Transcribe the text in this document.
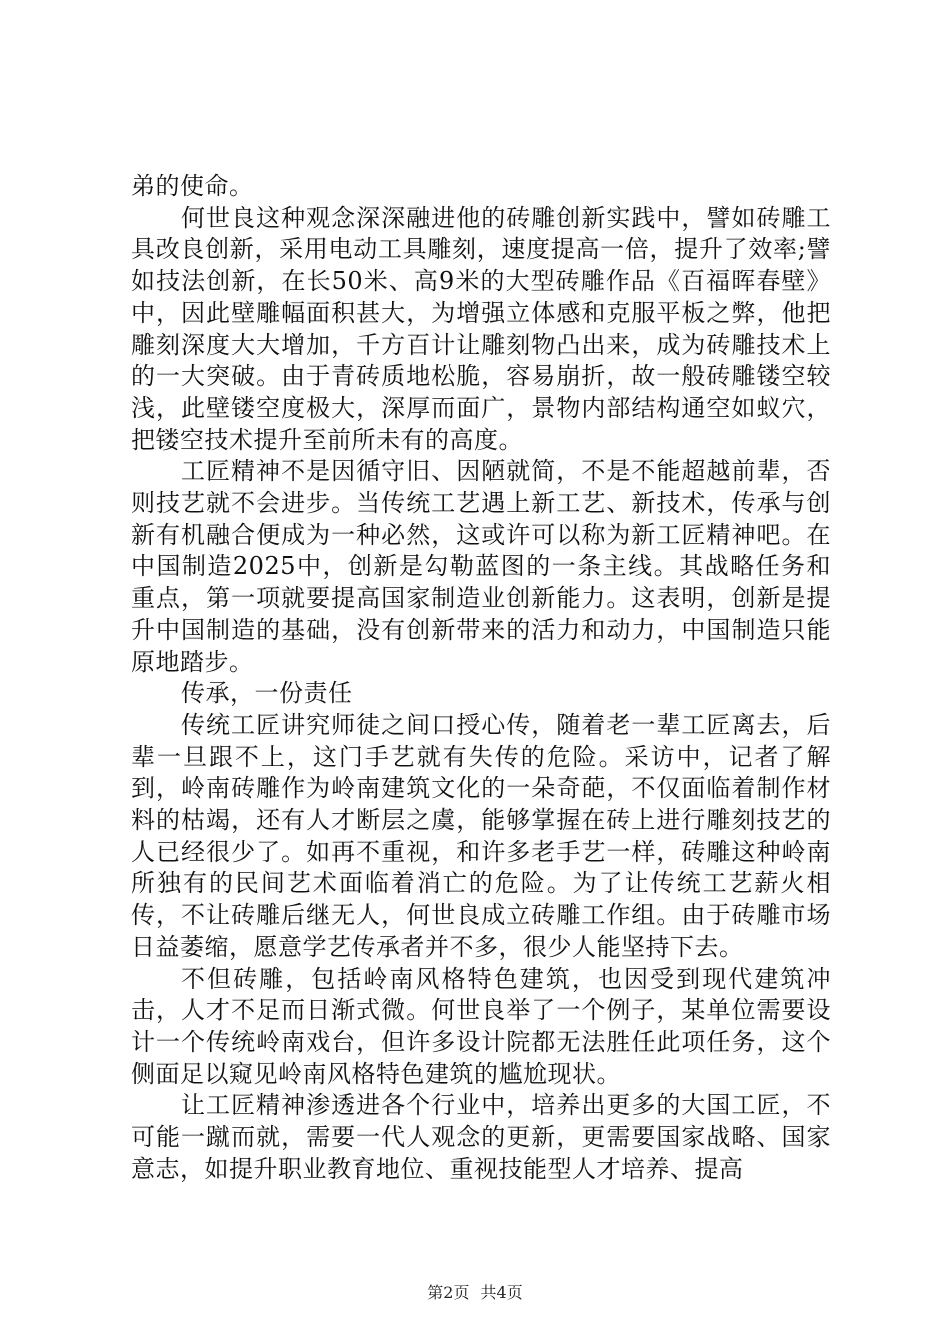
弟的使命。

何世良这种观念深深融进他的砖雕创新实践中，譬如砖雕工具改良创新，采用电动工具雕刻，速度提高一倍，提升了效率;譬如技法创新，在长50米、高9米的大型砖雕作品《百福晖春壁》中，因此壁雕幅面积甚大，为增强立体感和克服平板之弊，他把雕刻深度大大增加，千方百计让雕刻物凸出来，成为砖雕技术上的一大突破。由于青砖质地松脆，容易崩折，故一般砖雕镂空较浅，此壁镂空度极大，深厚而面广，景物内部结构通空如蚁穴，把镂空技术提升至前所未有的高度。

工匠精神不是因循守旧、因陋就简，不是不能超越前辈，否则技艺就不会进步。当传统工艺遇上新工艺、新技术，传承与创新有机融合便成为一种必然，这或许可以称为新工匠精神吧。在中国制造2025中，创新是勾勒蓝图的一条主线。其战略任务和重点，第一项就要提高国家制造业创新能力。这表明，创新是提升中国制造的基础，没有创新带来的活力和动力，中国制造只能原地踏步。

传承，一份责任

传统工匠讲究师徒之间口授心传，随着老一辈工匠离去，后辈一旦跟不上，这门手艺就有失传的危险。采访中，记者了解到，岭南砖雕作为岭南建筑文化的一朵奇葩，不仅面临着制作材料的枯竭，还有人才断层之虞，能够掌握在砖上进行雕刻技艺的人已经很少了。如再不重视，和许多老手艺一样，砖雕这种岭南所独有的民间艺术面临着消亡的危险。为了让传统工艺薪火相传，不让砖雕后继无人，何世良成立砖雕工作组。由于砖雕市场日益萎缩，愿意学艺传承者并不多，很少人能坚持下去。

不但砖雕，包括岭南风格特色建筑，也因受到现代建筑冲击，人才不足而日渐式微。何世良举了一个例子，某单位需要设计一个传统岭南戏台，但许多设计院都无法胜任此项任务，这个侧面足以窥见岭南风格特色建筑的尴尬现状。

让工匠精神渗透进各个行业中，培养出更多的大国工匠，不可能一蹴而就，需要一代人观念的更新，更需要国家战略、国家意志，如提升职业教育地位、重视技能型人才培养、提高

第2页 共4页
